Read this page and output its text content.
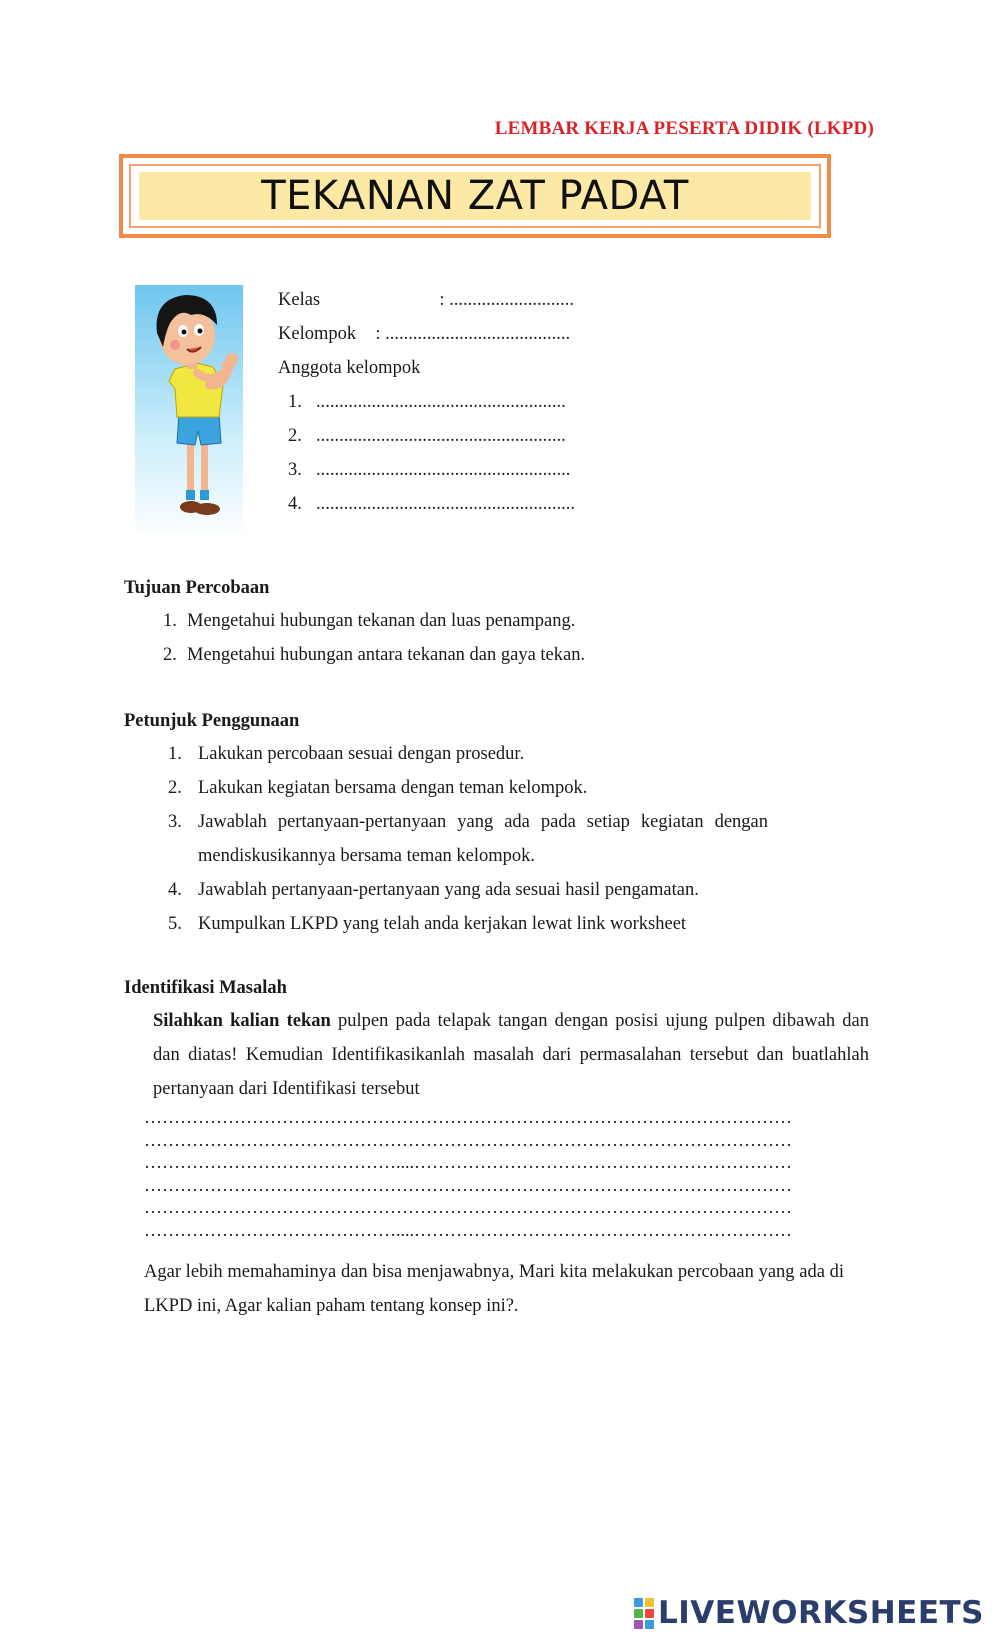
LEMBAR KERJA PESERTA DIDIK (LKPD)
TEKANAN ZAT PADAT
Kelas	: ...........................
Kelompok : ........................................
Anggota kelompok
1. ......................................................
2. ......................................................
3. .......................................................
4. ........................................................
Tujuan Percobaan
1. Mengetahui hubungan tekanan dan luas penampang.
2. Mengetahui hubungan antara tekanan dan gaya tekan.
Petunjuk Penggunaan
1. Lakukan percobaan sesuai dengan prosedur.
2. Lakukan kegiatan bersama dengan teman kelompok.
3. Jawablah pertanyaan-pertanyaan yang ada pada setiap kegiatan dengan mendiskusikannya bersama teman kelompok.
4. Jawablah pertanyaan-pertanyaan yang ada sesuai hasil pengamatan.
5. Kumpulkan LKPD yang telah anda kerjakan lewat link worksheet
Identifikasi Masalah
Silahkan kalian tekan pulpen pada telapak tangan dengan posisi ujung pulpen dibawah dan dan diatas! Kemudian Identifikasikanlah masalah dari permasalahan tersebut dan buatlahlah pertanyaan dari Identifikasi tersebut
………………………………………………………………………………………………
………………………………………………………………………………………………
……………………………………....………………………………………………………
………………………………………………………………………………………………
………………………………………………………………………………………………
……………………………………....………………………………………………………
Agar lebih memahaminya dan bisa menjawabnya, Mari kita melakukan percobaan yang ada di LKPD ini, Agar kalian paham tentang konsep ini?.
LIVEWORKSHEETS
